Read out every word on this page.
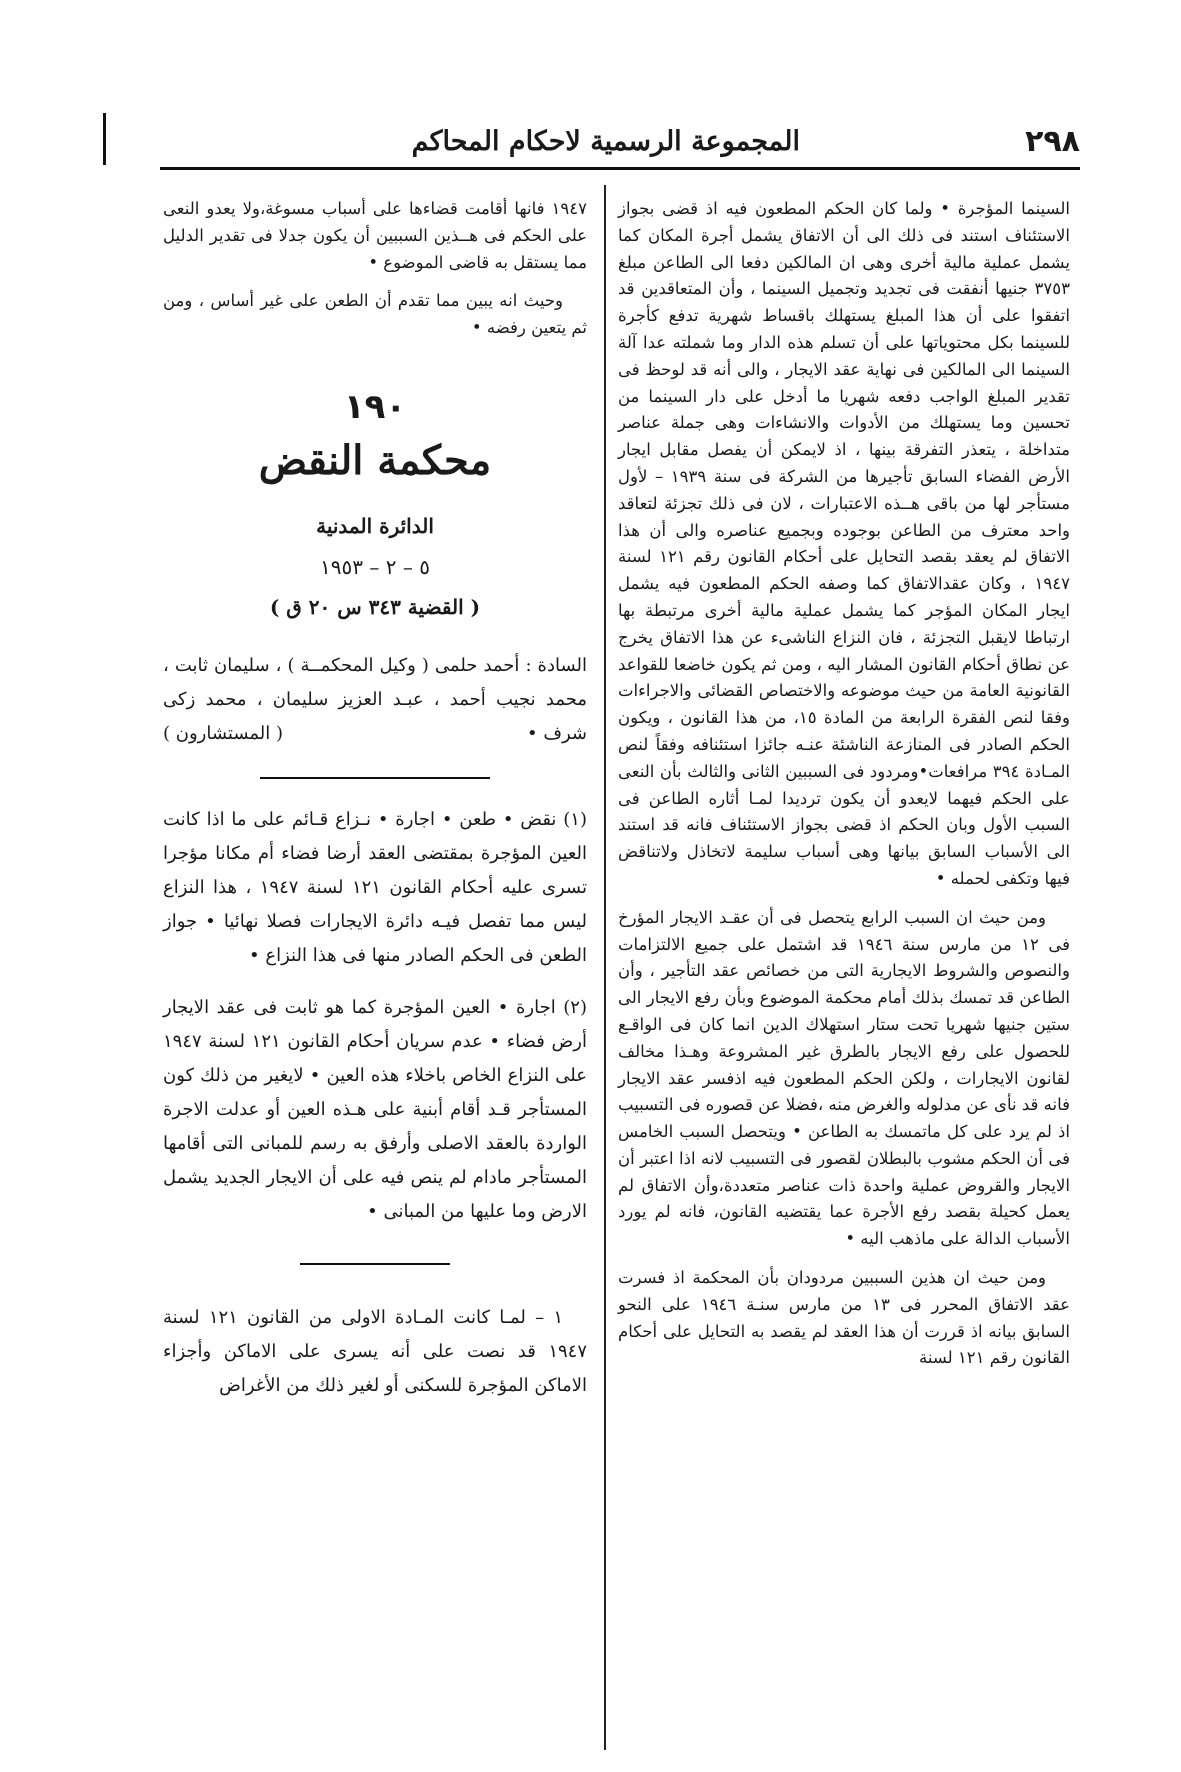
٢٩٨
المجموعة الرسمية لاحكام المحاكم

السينما المؤجرة • ولما كان الحكم المطعون فيه اذ قضى بجواز الاستئناف استند فى ذلك الى أن الاتفاق يشمل أجرة المكان كما يشمل عملية مالية أخرى وهى ان المالكين دفعا الى الطاعن مبلغ ٣٧٥٣ جنيها أنفقت فى تجديد وتجميل السينما ، وأن المتعاقدين قد اتفقوا على أن هذا المبلغ يستهلك باقساط شهرية تدفع كأجرة للسينما بكل محتوياتها على أن تسلم هذه الدار وما شملته عدا آلة السينما الى المالكين فى نهاية عقد الايجار ، والى أنه قد لوحظ فى تقدير المبلغ الواجب دفعه شهريا ما أدخل على دار السينما من تحسين وما يستهلك من الأدوات والانشاءات وهى جملة عناصر متداخلة ، يتعذر التفرقة بينها ، اذ لايمكن أن يفصل مقابل ايجار الأرض الفضاء السابق تأجيرها من الشركة فى سنة ١٩٣٩ – لأول مستأجر لها من باقى هــذه الاعتبارات ، لان فى ذلك تجزئة لتعاقد واحد معترف من الطاعن بوجوده وبجميع عناصره والى أن هذا الاتفاق لم يعقد بقصد التحايل على أحكام القانون رقم ١٢١ لسنة ١٩٤٧ ، وكان عقدالاتفاق كما وصفه الحكم المطعون فيه يشمل ايجار المكان المؤجر كما يشمل عملية مالية أخرى مرتبطة بها ارتباطا لايقبل التجزئة ، فان النزاع الناشىء عن هذا الاتفاق يخرج عن نطاق أحكام القانون المشار اليه ، ومن ثم يكون خاضعا للقواعد القانونية العامة من حيث موضوعه والاختصاص القضائى والاجراءات وفقا لنص الفقرة الرابعة من المادة ١٥، من هذا القانون ، ويكون الحكم الصادر فى المنازعة الناشئة عنـه جائزا استئنافه وفقاً لنص المـادة ٣٩٤ مرافعات•ومردود فى السببين الثانى والثالث بأن النعى على الحكم فيهما لايعدو أن يكون ترديدا لمـا أثاره الطاعن فى السبب الأول وبان الحكم اذ قضى بجواز الاستئناف فانه قد استند الى الأسباب السابق بيانها وهى أسباب سليمة لاتخاذل ولاتناقض فيها وتكفى لحمله •

ومن حيث ان السبب الرابع يتحصل فى أن عقـد الايجار المؤرخ فى ١٢ من مارس سنة ١٩٤٦ قد اشتمل على جميع الالتزامات والنصوص والشروط الايجارية التى من خصائص عقد التأجير ، وأن الطاعن قد تمسك بذلك أمام محكمة الموضوع وبأن رفع الايجار الى ستين جنيها شهريا تحت ستار استهلاك الدين انما كان فى الواقـع للحصول على رفع الايجار بالطرق غير المشروعة وهـذا مخالف لقانون الايجارات ، ولكن الحكم المطعون فيه اذفسر عقد الايجار فانه قد نأى عن مدلوله والغرض منه ،فضلا عن قصوره فى التسبيب اذ لم يرد على كل ماتمسك به الطاعن • ويتحصل السبب الخامس فى أن الحكم مشوب بالبطلان لقصور فى التسبيب لانه اذا اعتبر أن الايجار والقروض عملية واحدة ذات عناصر متعددة،وأن الاتفاق لم يعمل كحيلة بقصد رفع الأجرة عما يقتضيه القانون، فانه لم يورد الأسباب الدالة على ماذهب اليه •

ومن حيث ان هذين السببين مردودان بأن المحكمة اذ فسرت عقد الاتفاق المحرر فى ١٣ من مارس سنـة ١٩٤٦ على النحو السابق بيانه اذ قررت أن هذا العقد لم يقصد به التحايل على أحكام القانون رقم ١٢١ لسنة

١٩٤٧ فانها أقامت قضاءها على أسباب مسوغة،ولا يعدو النعى على الحكم فى هــذين السببين أن يكون جدلا فى تقدير الدليل مما يستقل به قاضى الموضوع •

وحيث انه يبين مما تقدم أن الطعن على غير أساس ، ومن ثم يتعين رفضه •

١٩٠
محكمة النقض
الدائرة المدنية
٥ – ٢ – ١٩٥٣
( القضية ٣٤٣ س ٢٠ ق )
السادة : أحمد حلمى ( وكيل المحكمــة ) ، سليمان ثابت ، محمد نجيب أحمد ، عبـد العزيز سليمان ، محمد زكى شرف •
( المستشارون )

(١) نقض • طعن • اجارة • نـزاع قـائم على ما اذا كانت العين المؤجرة بمقتضى العقد أرضا فضاء أم مكانا مؤجرا تسرى عليه أحكام القانون ١٢١ لسنة ١٩٤٧ ، هذا النزاع ليس مما تفصل فيـه دائرة الايجارات فصلا نهائيا • جواز الطعن فى الحكم الصادر منها فى هذا النزاع •

(٢) اجارة • العين المؤجرة كما هو ثابت فى عقد الايجار أرض فضاء • عدم سريان أحكام القانون ١٢١ لسنة ١٩٤٧ على النزاع الخاص باخلاء هذه العين • لايغير من ذلك كون المستأجر قـد أقام أبنية على هـذه العين أو عدلت الاجرة الواردة بالعقد الاصلى وأرفق به رسم للمبانى التى أقامها المستأجر مادام لم ينص فيه على أن الايجار الجديد يشمل الارض وما عليها من المبانى •

١ – لمـا كانت المـادة الاولى من القانون ١٢١ لسنة ١٩٤٧ قد نصت على أنه يسرى على الاماكن وأجزاء الاماكن المؤجرة للسكنى أو لغير ذلك من الأغراض
